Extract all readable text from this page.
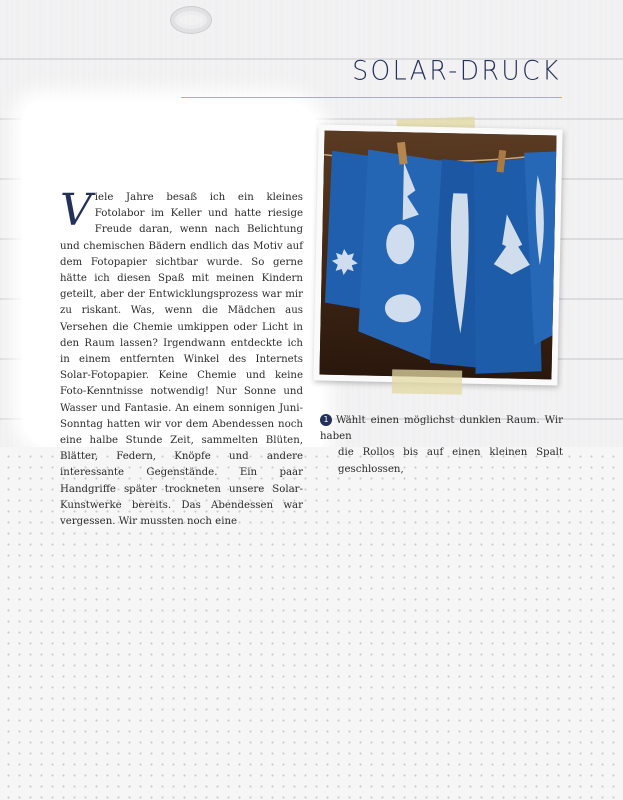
SOLAR-DRUCK
Viele Jahre besaß ich ein kleines Fotolabor im Keller und hatte riesige Freude daran, wenn nach Belichtung und chemischen Bädern endlich das Motiv auf dem Fotopapier sichtbar wurde. So gerne hätte ich diesen Spaß mit meinen Kindern geteilt, aber der Entwicklungsprozess war mir zu riskant. Was, wenn die Mädchen aus Versehen die Chemie umkippen oder Licht in den Raum lassen? Irgendwann entdeckte ich in einem entfernten Winkel des Internets Solar-Fotopapier. Keine Chemie und keine Foto-Kenntnisse notwendig! Nur Sonne und Wasser und Fantasie. An einem sonnigen Juni-Sonntag hatten wir vor dem Abendessen noch eine halbe Stunde Zeit, sammelten Blüten, Blätter, Federn, Knöpfe und andere interessante Gegenstände. Ein paar Handgriffe später trockneten unsere Solar-Kunstwerke bereits. Das Abendessen war vergessen. Wir mussten noch eine
1 Wählt einen möglichst dunklen Raum. Wir haben
die Rollos bis auf einen kleinen Spalt geschlossen,
